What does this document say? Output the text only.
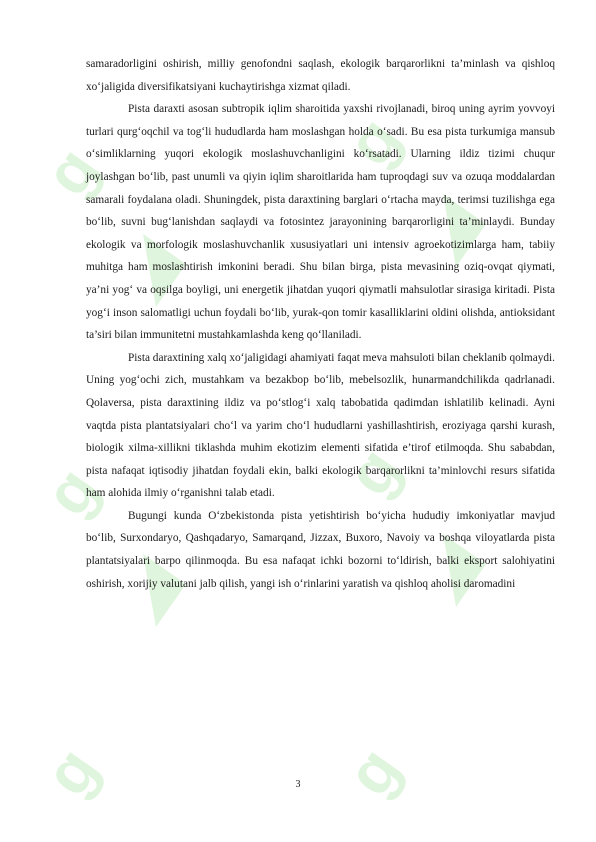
ɡ
◢
ɡ
◢
ɡ
◢
ɡ
◢
ɡ	ɡ

samaradorligini oshirish, milliy genofondni saqlash, ekologik barqarorlikni ta’minlash va qishloq xo‘jaligida diversifikatsiyani kuchaytirishga xizmat qiladi.

Pista daraxti asosan subtropik iqlim sharoitida yaxshi rivojlanadi, biroq uning ayrim yovvoyi turlari qurg‘oqchil va tog‘li hududlarda ham moslashgan holda o‘sadi. Bu esa pista turkumiga mansub o‘simliklarning yuqori ekologik moslashuvchanligini ko‘rsatadi. Ularning ildiz tizimi chuqur joylashgan bo‘lib, past unumli va qiyin iqlim sharoitlarida ham tuproqdagi suv va ozuqa moddalardan samarali foydalana oladi. Shuningdek, pista daraxtining barglari o‘rtacha mayda, terimsi tuzilishga ega bo‘lib, suvni bug‘lanishdan saqlaydi va fotosintez jarayonining barqarorligini ta’minlaydi. Bunday ekologik va morfologik moslashuvchanlik xususiyatlari uni intensiv agroekotizimlarga ham, tabiiy muhitga ham moslashtirish imkonini beradi. Shu bilan birga, pista mevasining oziq-ovqat qiymati, ya’ni yog‘ va oqsilga boyligi, uni energetik jihatdan yuqori qiymatli mahsulotlar sirasiga kiritadi. Pista yog‘i inson salomatligi uchun foydali bo‘lib, yurak-qon tomir kasalliklarini oldini olishda, antioksidant ta’siri bilan immunitetni mustahkamlashda keng qo‘llaniladi.

Pista daraxtining xalq xo‘jaligidagi ahamiyati faqat meva mahsuloti bilan cheklanib qolmaydi. Uning yog‘ochi zich, mustahkam va bezakbop bo‘lib, mebelsozlik, hunarmandchilikda qadrlanadi. Qolaversa, pista daraxtining ildiz va po‘stlog‘i xalq tabobatida qadimdan ishlatilib kelinadi. Ayni vaqtda pista plantatsiyalari cho‘l va yarim cho‘l hududlarni yashillashtirish, eroziyaga qarshi kurash, biologik xilma-xillikni tiklashda muhim ekotizim elementi sifatida e’tirof etilmoqda. Shu sababdan, pista nafaqat iqtisodiy jihatdan foydali ekin, balki ekologik barqarorlikni ta’minlovchi resurs sifatida ham alohida ilmiy o‘rganishni talab etadi.

Bugungi kunda O‘zbekistonda pista yetishtirish bo‘yicha hududiy imkoniyatlar mavjud bo‘lib, Surxondaryo, Qashqadaryo, Samarqand, Jizzax, Buxoro, Navoiy va boshqa viloyatlarda pista plantatsiyalari barpo qilinmoqda. Bu esa nafaqat ichki bozorni to‘ldirish, balki eksport salohiyatini oshirish, xorijiy valutani jalb qilish, yangi ish o‘rinlarini yaratish va qishloq aholisi daromadini

3
